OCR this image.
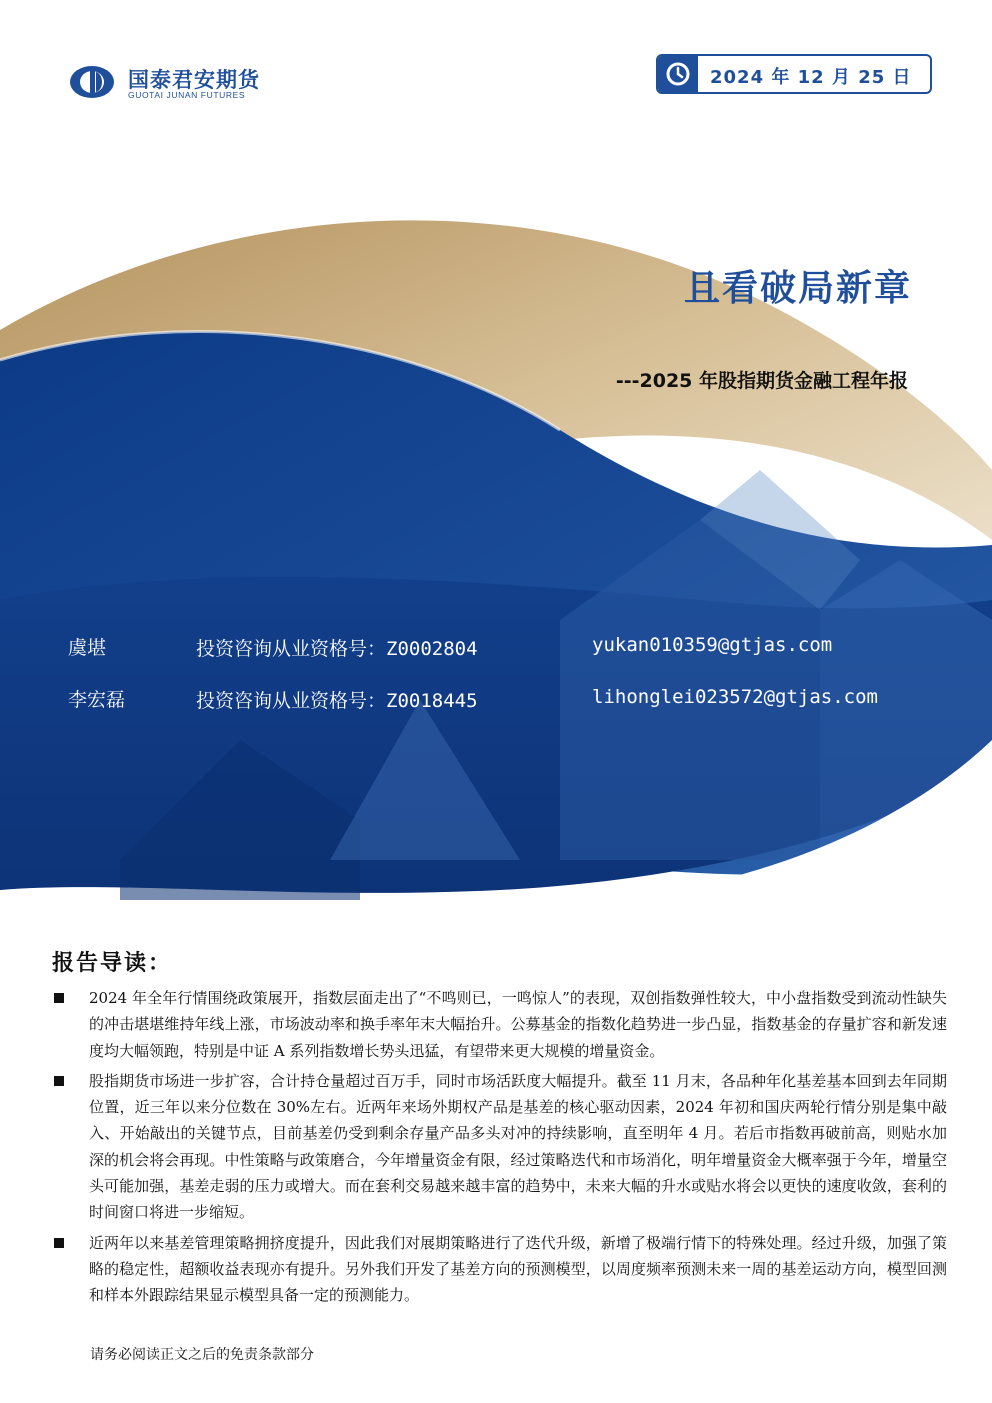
国泰君安期货
GUOTAI JUNAN FUTURES
2024 年 12 月 25 日
且看破局新章
---2025 年股指期货金融工程年报
虞堪	投资咨询从业资格号：Z0002804	yukan010359@gtjas.com
李宏磊	投资咨询从业资格号：Z0018445	lihonglei023572@gtjas.com
报告导读：
2024 年全年行情围绕政策展开，指数层面走出了“不鸣则已，一鸣惊人”的表现，双创指数弹性较大，中小盘指数受到流动性缺失的冲击堪堪维持年线上涨，市场波动率和换手率年末大幅抬升。公募基金的指数化趋势进一步凸显，指数基金的存量扩容和新发速度均大幅领跑，特别是中证 A 系列指数增长势头迅猛，有望带来更大规模的增量资金。
股指期货市场进一步扩容，合计持仓量超过百万手，同时市场活跃度大幅提升。截至 11 月末，各品种年化基差基本回到去年同期位置，近三年以来分位数在 30%左右。近两年来场外期权产品是基差的核心驱动因素，2024 年初和国庆两轮行情分别是集中敲入、开始敲出的关键节点，目前基差仍受到剩余存量产品多头对冲的持续影响，直至明年 4 月。若后市指数再破前高，则贴水加深的机会将会再现。中性策略与政策磨合，今年增量资金有限，经过策略迭代和市场消化，明年增量资金大概率强于今年，增量空头可能加强，基差走弱的压力或增大。而在套利交易越来越丰富的趋势中，未来大幅的升水或贴水将会以更快的速度收敛，套利的时间窗口将进一步缩短。
近两年以来基差管理策略拥挤度提升，因此我们对展期策略进行了迭代升级，新增了极端行情下的特殊处理。经过升级，加强了策略的稳定性，超额收益表现亦有提升。另外我们开发了基差方向的预测模型，以周度频率预测未来一周的基差运动方向，模型回测和样本外跟踪结果显示模型具备一定的预测能力。
请务必阅读正文之后的免责条款部分
